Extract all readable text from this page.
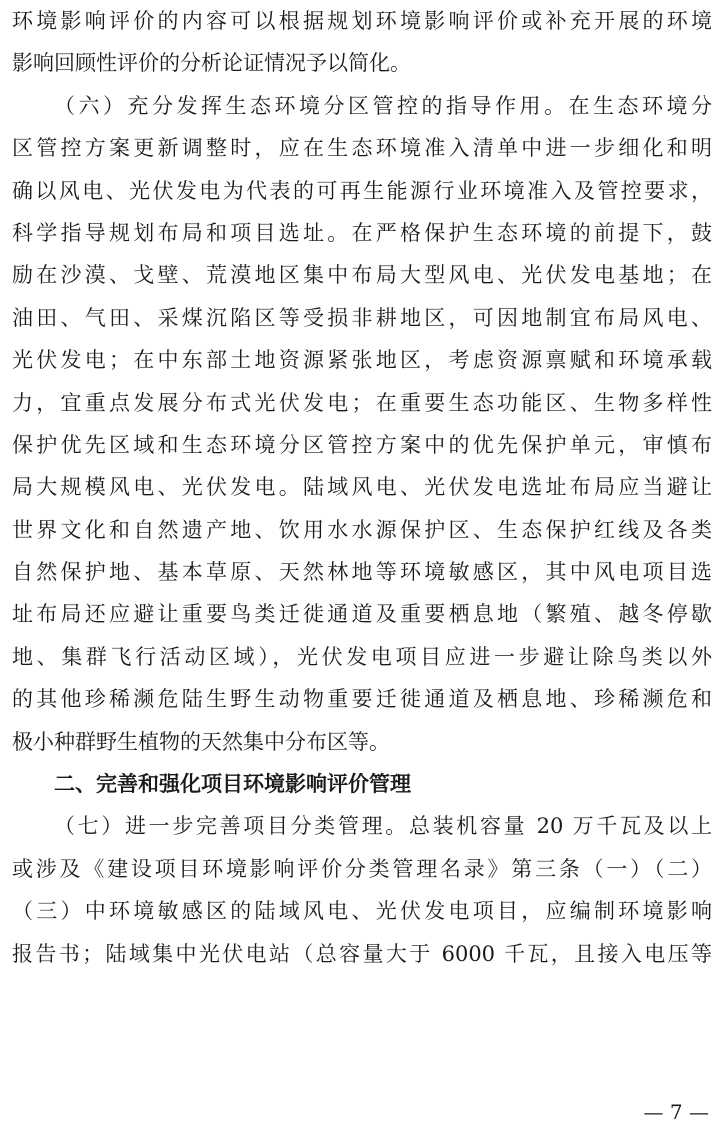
环境影响评价的内容可以根据规划环境影响评价或补充开展的环境
影响回顾性评价的分析论证情况予以简化。
（六）充分发挥生态环境分区管控的指导作用。在生态环境分
区管控方案更新调整时，应在生态环境准入清单中进一步细化和明
确以风电、光伏发电为代表的可再生能源行业环境准入及管控要求，
科学指导规划布局和项目选址。在严格保护生态环境的前提下，鼓
励在沙漠、戈壁、荒漠地区集中布局大型风电、光伏发电基地；在
油田、气田、采煤沉陷区等受损非耕地区，可因地制宜布局风电、
光伏发电；在中东部土地资源紧张地区，考虑资源禀赋和环境承载
力，宜重点发展分布式光伏发电；在重要生态功能区、生物多样性
保护优先区域和生态环境分区管控方案中的优先保护单元，审慎布
局大规模风电、光伏发电。陆域风电、光伏发电选址布局应当避让
世界文化和自然遗产地、饮用水水源保护区、生态保护红线及各类
自然保护地、基本草原、天然林地等环境敏感区，其中风电项目选
址布局还应避让重要鸟类迁徙通道及重要栖息地（繁殖、越冬停歇
地、集群飞行活动区域），光伏发电项目应进一步避让除鸟类以外
的其他珍稀濒危陆生野生动物重要迁徙通道及栖息地、珍稀濒危和
极小种群野生植物的天然集中分布区等。
二、完善和强化项目环境影响评价管理
（七）进一步完善项目分类管理。总装机容量 20 万千瓦及以上
或涉及《建设项目环境影响评价分类管理名录》第三条（一）（二）
（三）中环境敏感区的陆域风电、光伏发电项目，应编制环境影响
报告书；陆域集中光伏电站（总容量大于 6000 千瓦，且接入电压等
— 7 —
